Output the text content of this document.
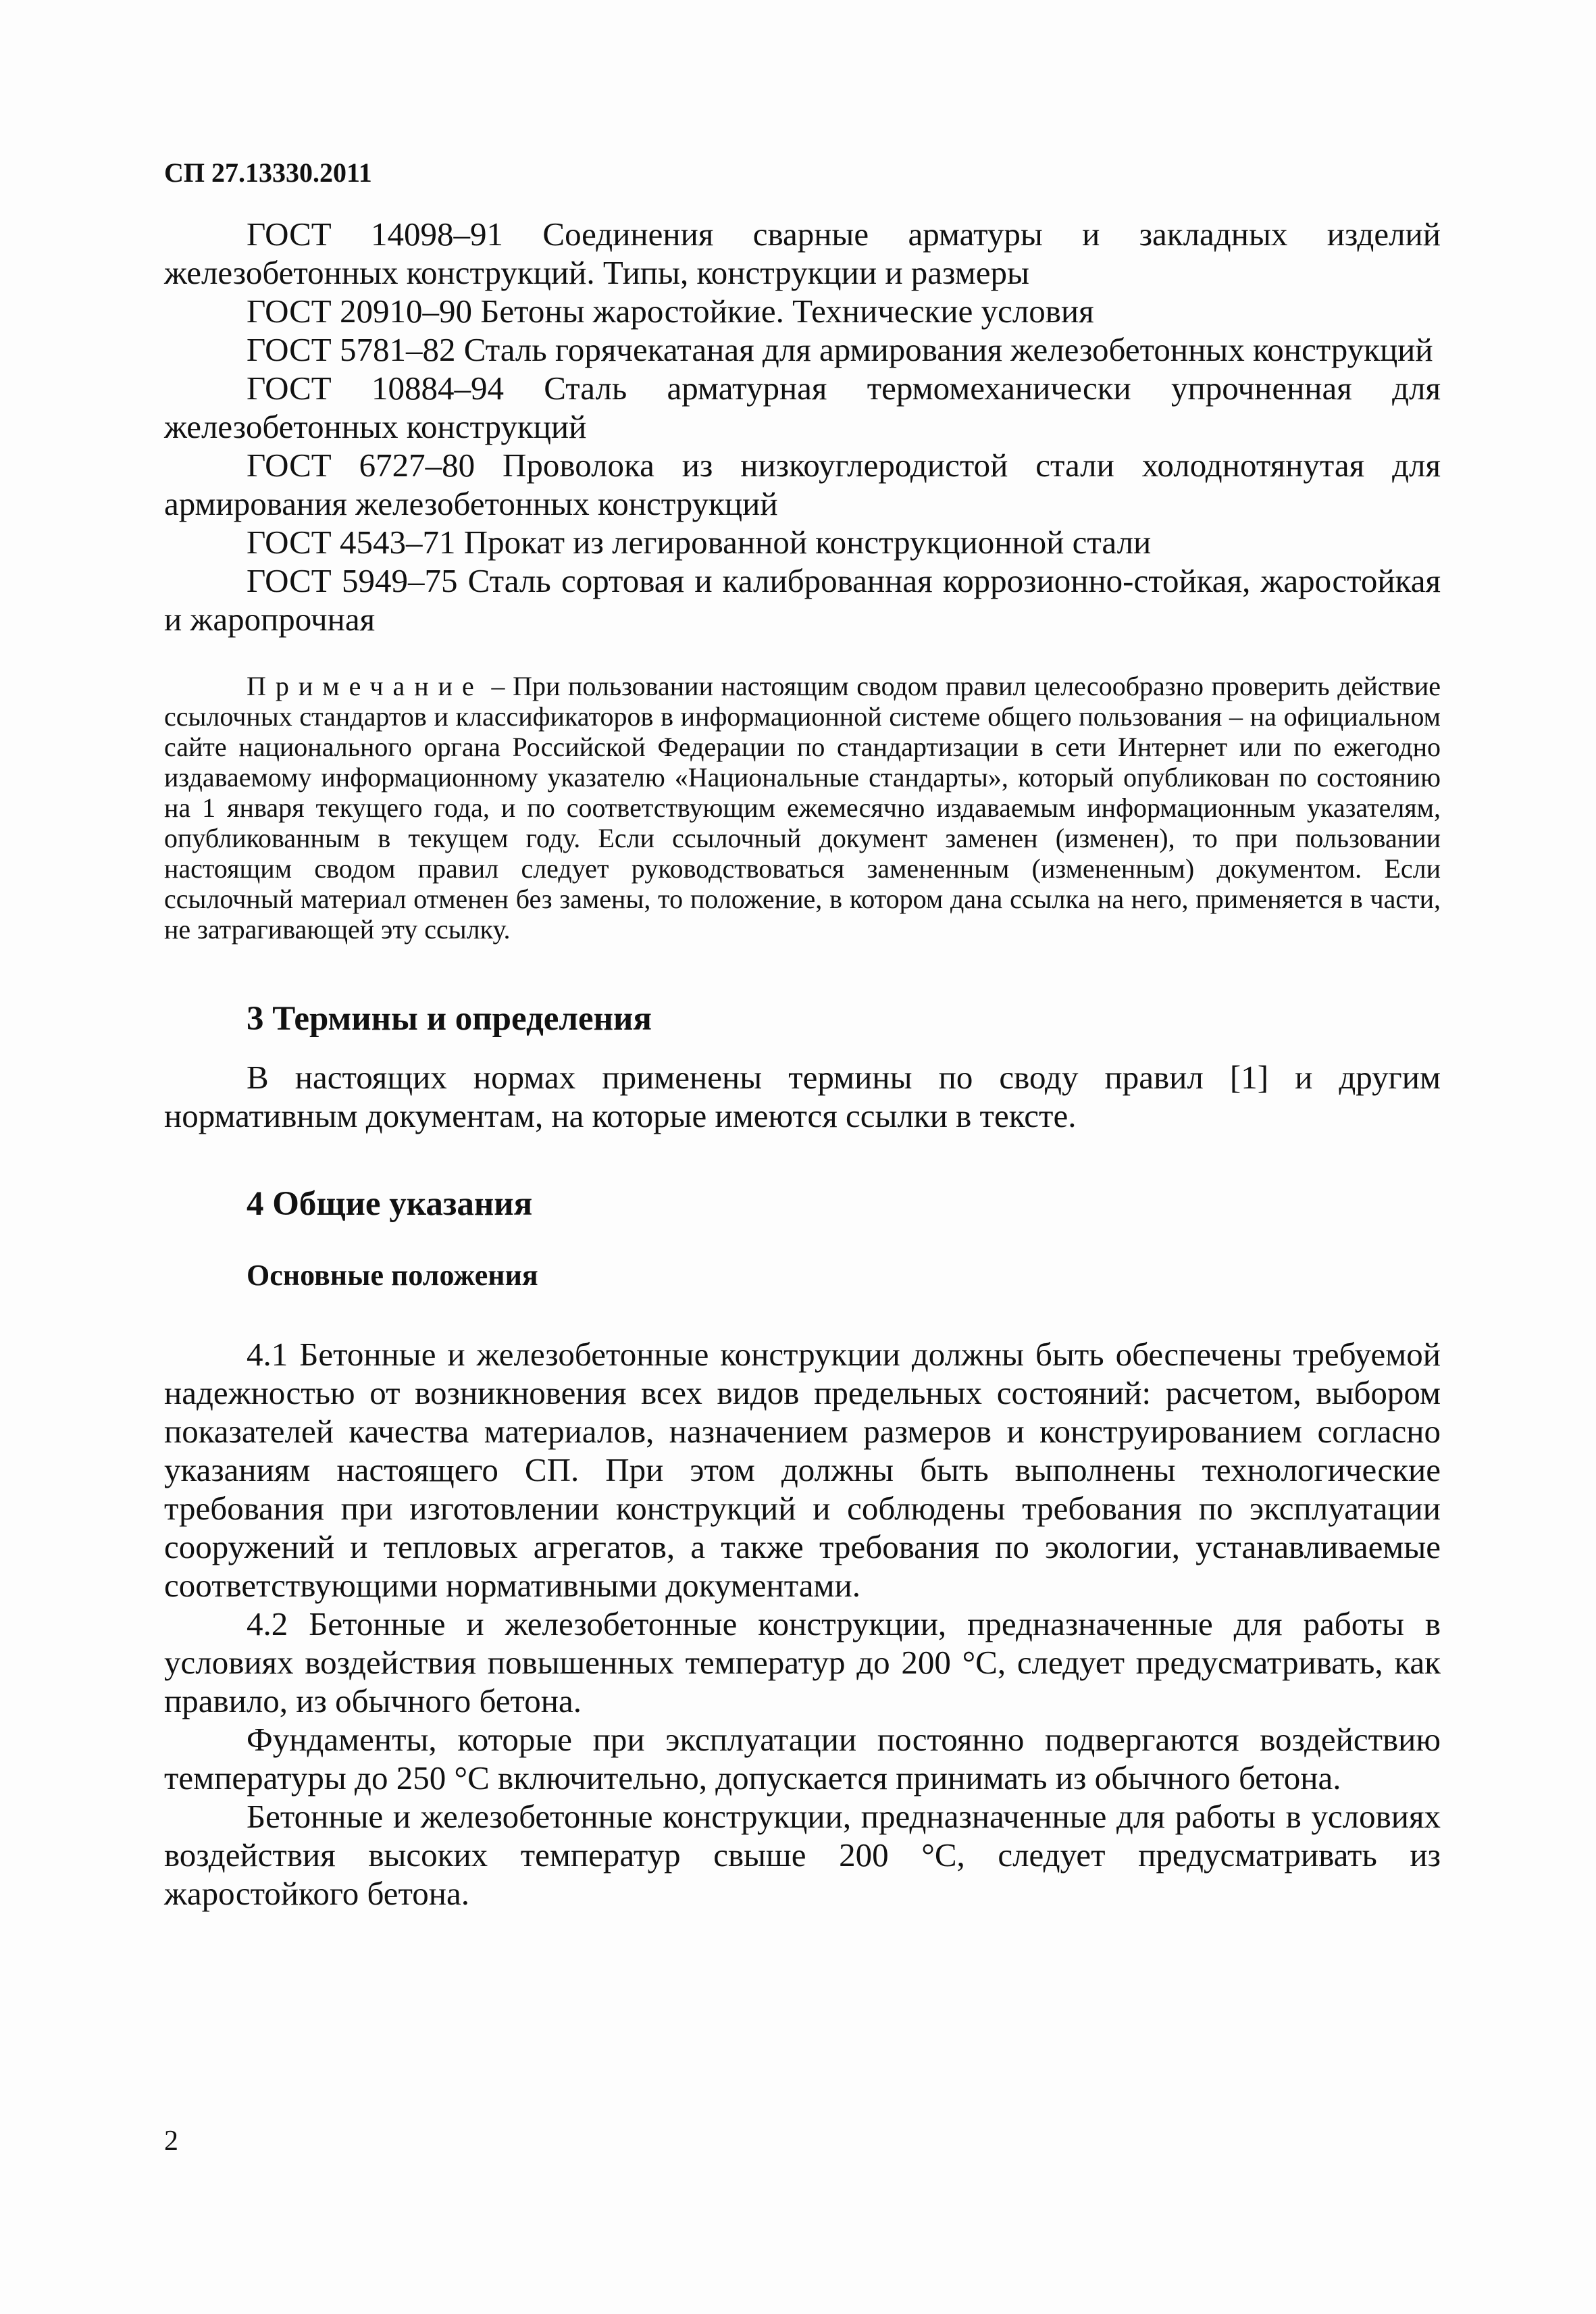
СП 27.13330.2011

ГОСТ 14098–91 Соединения сварные арматуры и закладных изделий железобетонных конструкций. Типы, конструкции и размеры

ГОСТ 20910–90 Бетоны жаростойкие. Технические условия

ГОСТ 5781–82 Сталь горячекатаная для армирования железобетонных конструкций

ГОСТ 10884–94 Сталь арматурная термомеханически упрочненная для железобетонных конструкций

ГОСТ 6727–80 Проволока из низкоуглеродистой стали холоднотянутая для армирования железобетонных конструкций

ГОСТ 4543–71 Прокат из легированной конструкционной стали

ГОСТ 5949–75 Сталь сортовая и калиброванная коррозионно-стойкая, жаростойкая и жаропрочная

Примечание – При пользовании настоящим сводом правил целесообразно проверить действие ссылочных стандартов и классификаторов в информационной системе общего пользования – на официальном сайте национального органа Российской Федерации по стандартизации в сети Интернет или по ежегодно издаваемому информационному указателю «Национальные стандарты», который опубликован по состоянию на 1 января текущего года, и по соответствующим ежемесячно издаваемым информационным указателям, опубликованным в текущем году. Если ссылочный документ заменен (изменен), то при пользовании настоящим сводом правил следует руководствоваться замененным (измененным) документом. Если ссылочный материал отменен без замены, то положение, в котором дана ссылка на него, применяется в части, не затрагивающей эту ссылку.

3 Термины и определения

В настоящих нормах применены термины по своду правил [1] и другим нормативным документам, на которые имеются ссылки в тексте.

4 Общие указания
Основные положения

4.1 Бетонные и железобетонные конструкции должны быть обеспечены требуемой надежностью от возникновения всех видов предельных состояний: расчетом, выбором показателей качества материалов, назначением размеров и конструированием согласно указаниям настоящего СП. При этом должны быть выполнены технологические требования при изготовлении конструкций и соблюдены требования по эксплуатации сооружений и тепловых агрегатов, а также требования по экологии, устанавливаемые соответствующими нормативными документами.

4.2 Бетонные и железобетонные конструкции, предназначенные для работы в условиях воздействия повышенных температур до 200 °С, следует предусматривать, как правило, из обычного бетона.

Фундаменты, которые при эксплуатации постоянно подвергаются воздействию температуры до 250 °С включительно, допускается принимать из обычного бетона.

Бетонные и железобетонные конструкции, предназначенные для работы в условиях воздействия высоких температур свыше 200 °С, следует предусматривать из жаростойкого бетона.

2
